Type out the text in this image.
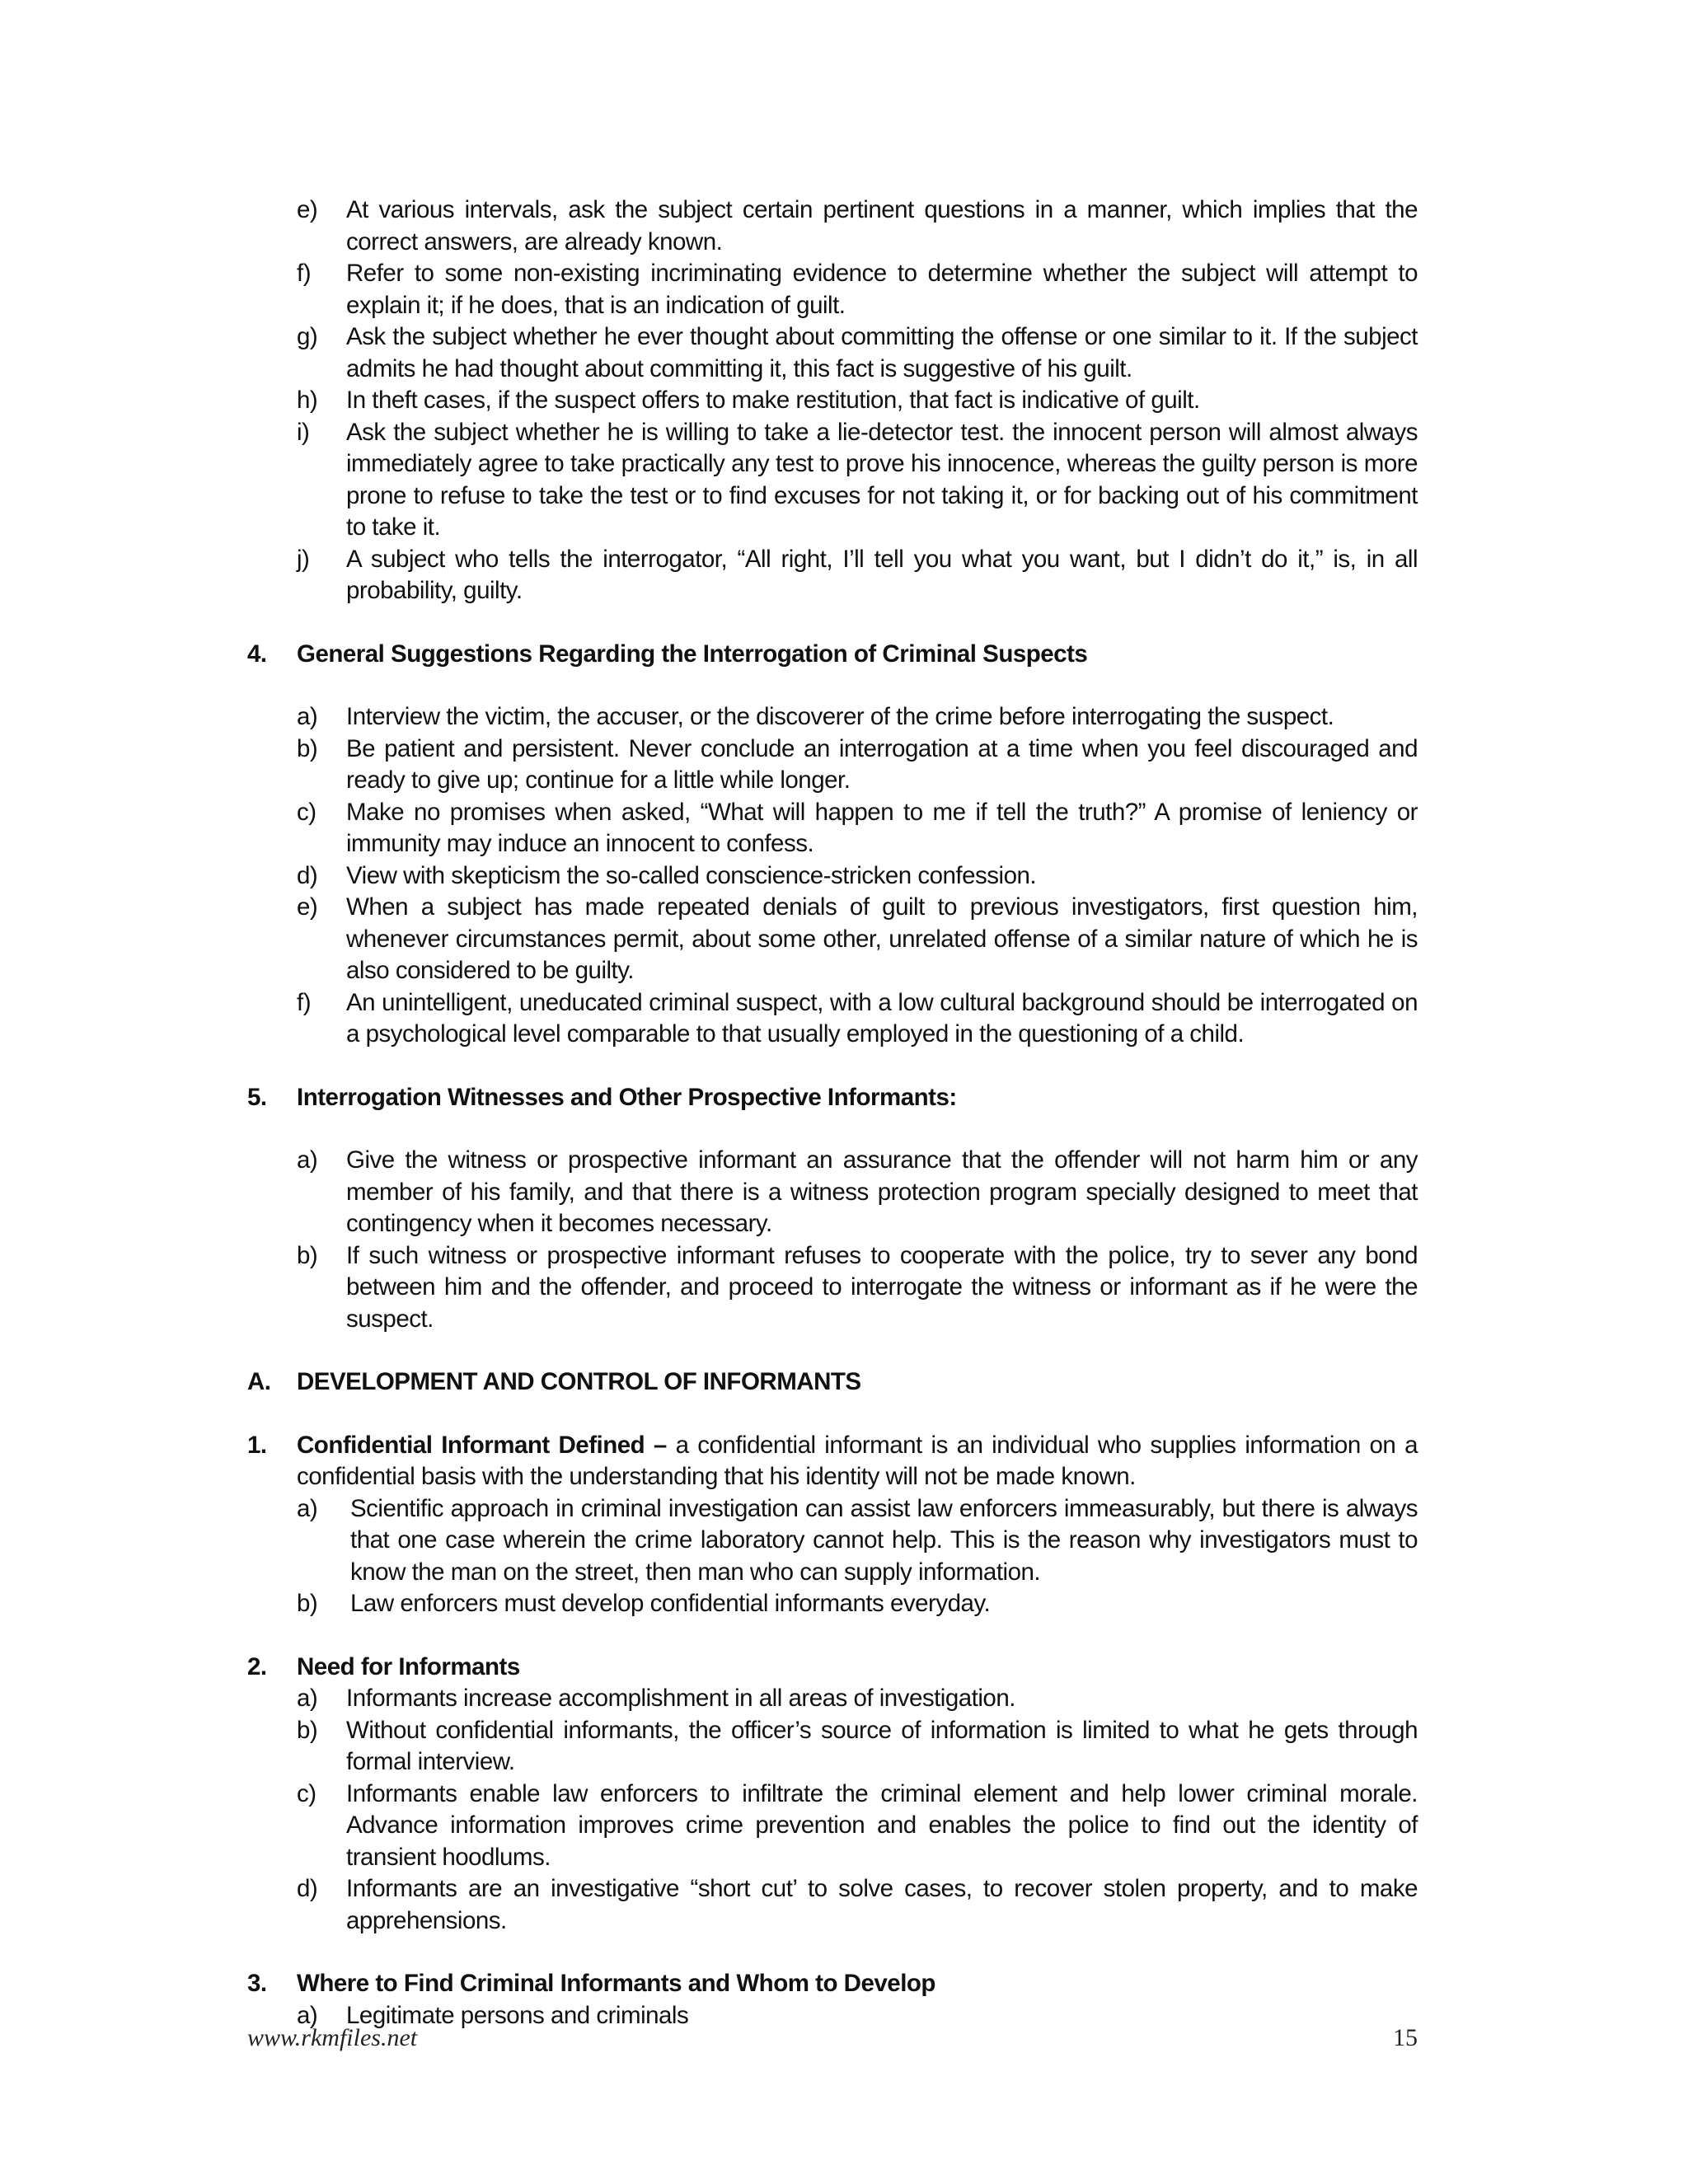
e)	At various intervals, ask the subject certain pertinent questions in a manner, which implies that the correct answers, are already known.
f)	Refer to some non-existing incriminating evidence to determine whether the subject will attempt to explain it; if he does, that is an indication of guilt.
g)	Ask the subject whether he ever thought about committing the offense or one similar to it. If the subject admits he had thought about committing it, this fact is suggestive of his guilt.
h)	In theft cases, if the suspect offers to make restitution, that fact is indicative of guilt.
i)	Ask the subject whether he is willing to take a lie-detector test. the innocent person will almost always immediately agree to take practically any test to prove his innocence, whereas the guilty person is more prone to refuse to take the test or to find excuses for not taking it, or for backing out of his commitment to take it.
j)	A subject who tells the interrogator, “All right, I’ll tell you what you want, but I didn’t do it,” is, in all probability, guilty.
4.	General Suggestions Regarding the Interrogation of Criminal Suspects
a)	Interview the victim, the accuser, or the discoverer of the crime before interrogating the suspect.
b)	Be patient and persistent. Never conclude an interrogation at a time when you feel discouraged and ready to give up; continue for a little while longer.
c)	Make no promises when asked, “What will happen to me if tell the truth?” A promise of leniency or immunity may induce an innocent to confess.
d)	View with skepticism the so-called conscience-stricken confession.
e)	When a subject has made repeated denials of guilt to previous investigators, first question him, whenever circumstances permit, about some other, unrelated offense of a similar nature of which he is also considered to be guilty.
f)	An unintelligent, uneducated criminal suspect, with a low cultural background should be interrogated on a psychological level comparable to that usually employed in the questioning of a child.
5.	Interrogation Witnesses and Other Prospective Informants:
a)	Give the witness or prospective informant an assurance that the offender will not harm him or any member of his family, and that there is a witness protection program specially designed to meet that contingency when it becomes necessary.
b)	If such witness or prospective informant refuses to cooperate with the police, try to sever any bond between him and the offender, and proceed to interrogate the witness or informant as if he were the suspect.
A.	DEVELOPMENT AND CONTROL OF INFORMANTS
1.	Confidential Informant Defined – a confidential informant is an individual who supplies information on a confidential basis with the understanding that his identity will not be made known.
a)	Scientific approach in criminal investigation can assist law enforcers immeasurably, but there is always that one case wherein the crime laboratory cannot help. This is the reason why investigators must to know the man on the street, then man who can supply information.
b)	Law enforcers must develop confidential informants everyday.
2.	Need for Informants
a)	Informants increase accomplishment in all areas of investigation.
b)	Without confidential informants, the officer’s source of information is limited to what he gets through formal interview.
c)	Informants enable law enforcers to infiltrate the criminal element and help lower criminal morale. Advance information improves crime prevention and enables the police to find out the identity of transient hoodlums.
d)	Informants are an investigative “short cut’ to solve cases, to recover stolen property, and to make apprehensions.
3.	Where to Find Criminal Informants and Whom to Develop
a)	Legitimate persons and criminals
www.rkmfiles.net	15
